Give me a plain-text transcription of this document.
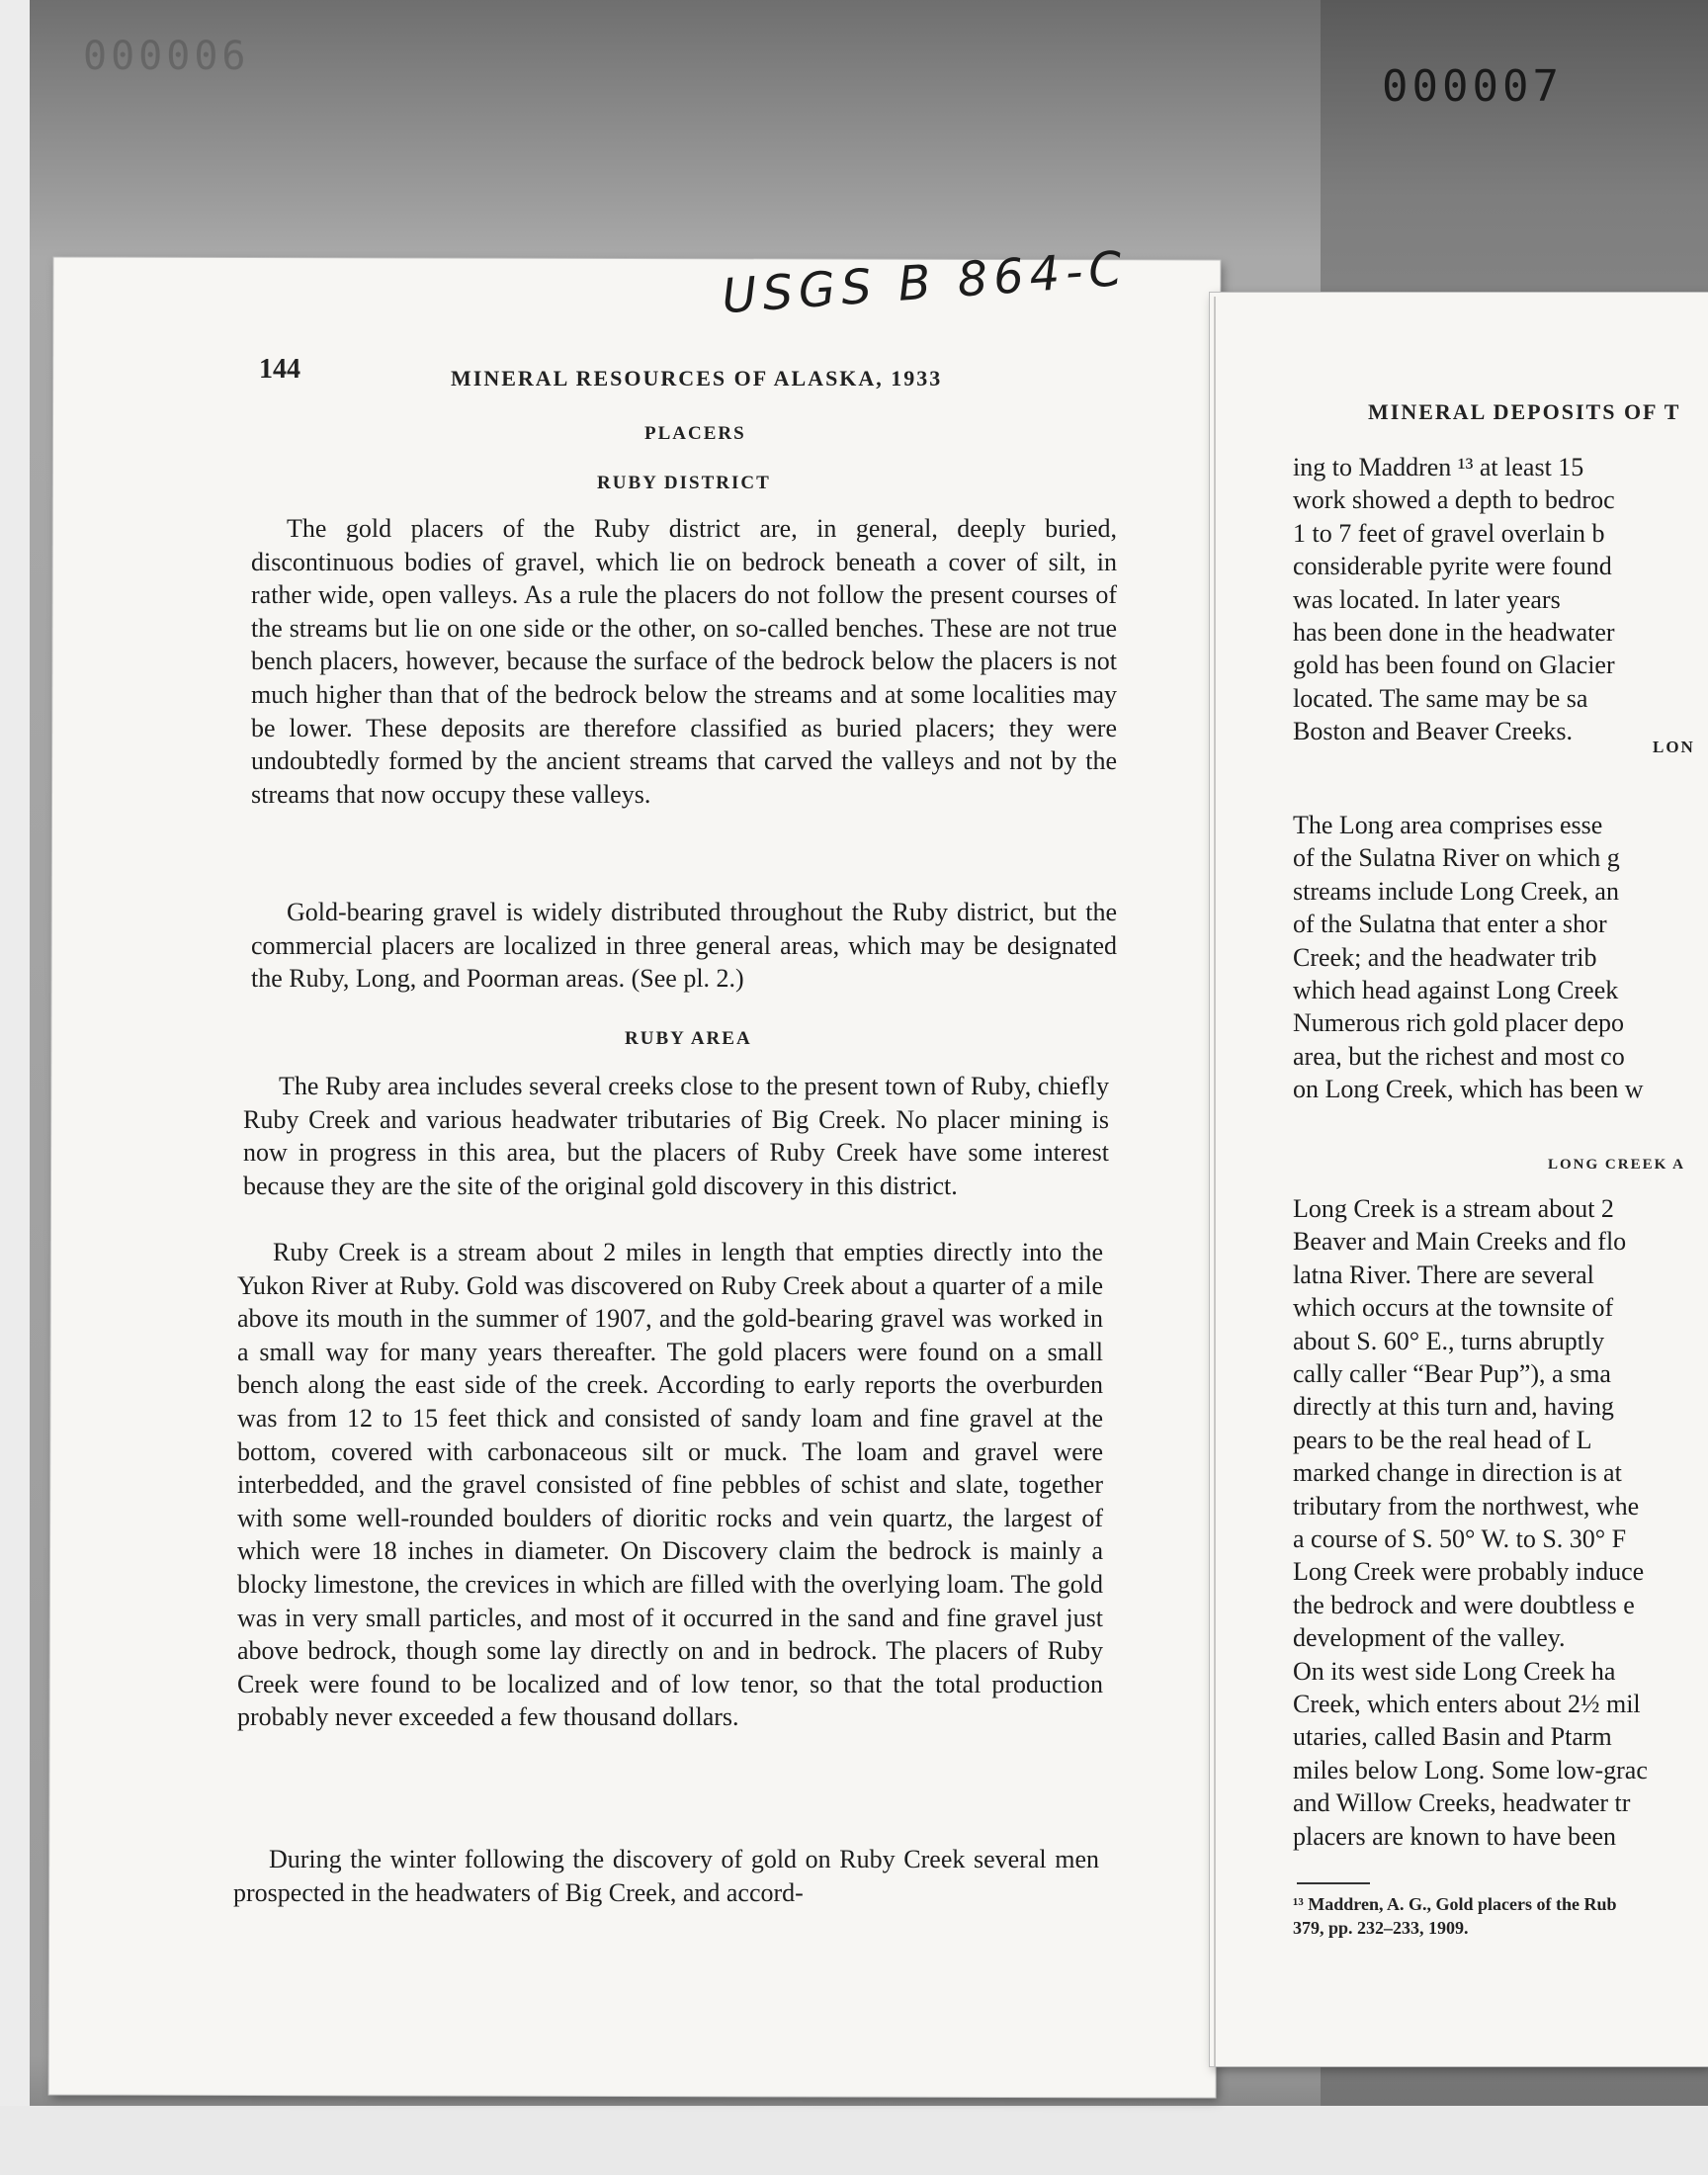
000006
000007
USGS B 864-C
144	MINERAL RESOURCES OF ALASKA, 1933
PLACERS
RUBY DISTRICT

The gold placers of the Ruby district are, in general, deeply buried, discontinuous bodies of gravel, which lie on bedrock beneath a cover of silt, in rather wide, open valleys. As a rule the placers do not follow the present courses of the streams but lie on one side or the other, on so-called benches. These are not true bench placers, however, because the surface of the bedrock below the placers is not much higher than that of the bedrock below the streams and at some localities may be lower. These deposits are therefore classified as buried placers; they were undoubtedly formed by the ancient streams that carved the valleys and not by the streams that now occupy these valleys.

Gold-bearing gravel is widely distributed throughout the Ruby district, but the commercial placers are localized in three general areas, which may be designated the Ruby, Long, and Poorman areas. (See pl. 2.)

RUBY AREA

The Ruby area includes several creeks close to the present town of Ruby, chiefly Ruby Creek and various headwater tributaries of Big Creek. No placer mining is now in progress in this area, but the placers of Ruby Creek have some interest because they are the site of the original gold discovery in this district.

Ruby Creek is a stream about 2 miles in length that empties directly into the Yukon River at Ruby. Gold was discovered on Ruby Creek about a quarter of a mile above its mouth in the summer of 1907, and the gold-bearing gravel was worked in a small way for many years thereafter. The gold placers were found on a small bench along the east side of the creek. According to early reports the overburden was from 12 to 15 feet thick and consisted of sandy loam and fine gravel at the bottom, covered with carbonaceous silt or muck. The loam and gravel were interbedded, and the gravel consisted of fine pebbles of schist and slate, together with some well-rounded boulders of dioritic rocks and vein quartz, the largest of which were 18 inches in diameter. On Discovery claim the bedrock is mainly a blocky limestone, the crevices in which are filled with the overlying loam. The gold was in very small particles, and most of it occurred in the sand and fine gravel just above bedrock, though some lay directly on and in bedrock. The placers of Ruby Creek were found to be localized and of low tenor, so that the total production probably never exceeded a few thousand dollars.

During the winter following the discovery of gold on Ruby Creek several men prospected in the headwaters of Big Creek, and accord-

MINERAL DEPOSITS OF T
ing to Maddren ¹³ at least 15
work showed a depth to bedroc
1 to 7 feet of gravel overlain b
considerable pyrite were found
was located. In later years
has been done in the headwater
gold has been found on Glacier
located. The same may be sa
Boston and Beaver Creeks.
LON
The Long area comprises esse
of the Sulatna River on which g
streams include Long Creek, an
of the Sulatna that enter a shor
Creek; and the headwater trib
which head against Long Creek
Numerous rich gold placer depo
area, but the richest and most co
on Long Creek, which has been w
LONG CREEK A
Long Creek is a stream about 2
Beaver and Main Creeks and flo
latna River. There are several
which occurs at the townsite of
about S. 60° E., turns abruptly
cally caller “Bear Pup”), a sma
directly at this turn and, having
pears to be the real head of L
marked change in direction is at
tributary from the northwest, whe
a course of S. 50° W. to S. 30° F
Long Creek were probably induce
the bedrock and were doubtless e
development of the valley.
On its west side Long Creek ha
Creek, which enters about 2½ mil
utaries, called Basin and Ptarm
miles below Long. Some low-grac
and Willow Creeks, headwater tr
placers are known to have been
¹³ Maddren, A. G., Gold placers of the Rub
379, pp. 232–233, 1909.
